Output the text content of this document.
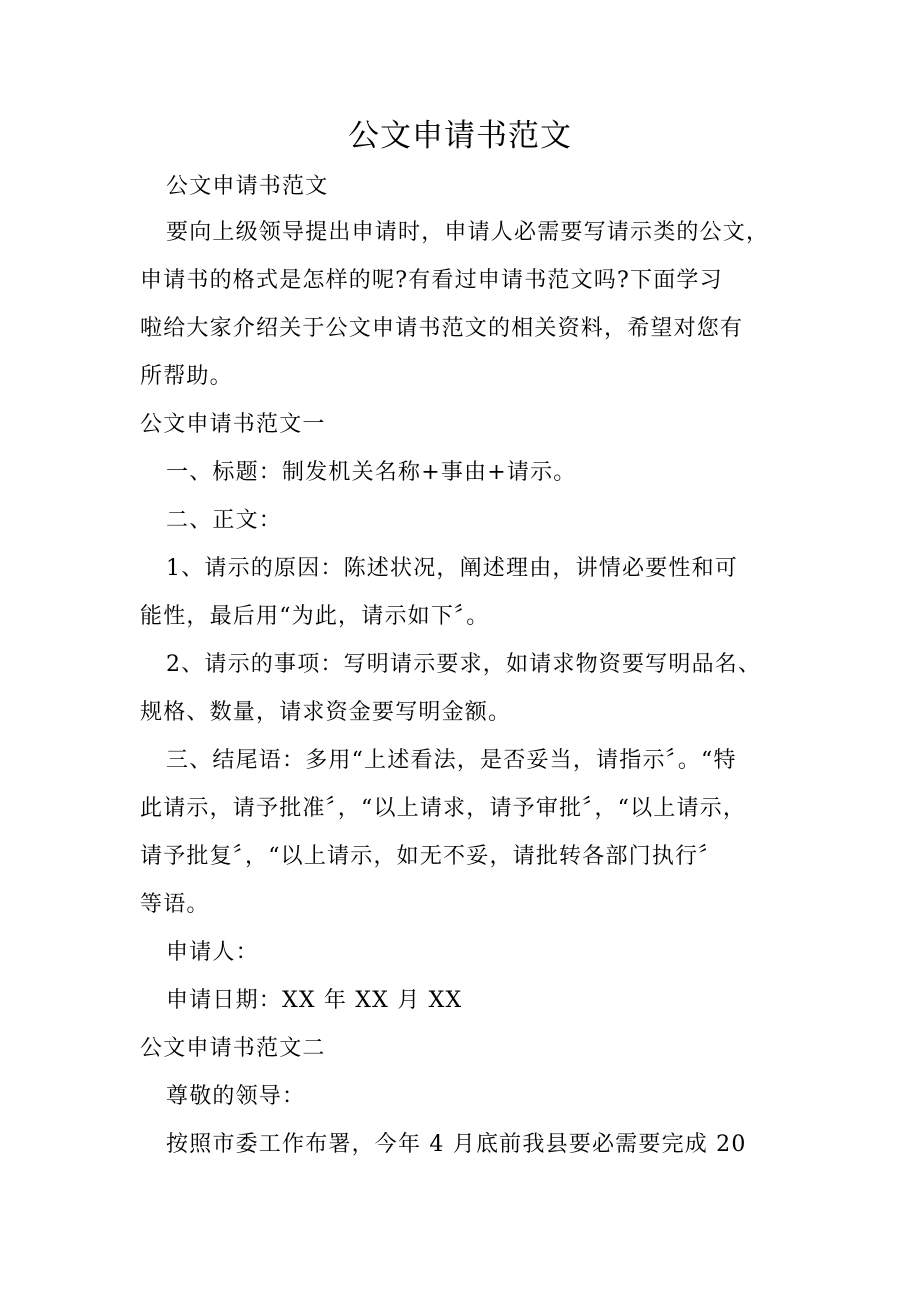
公文申请书范文
公文申请书范文
要向上级领导提出申请时，申请人必需要写请示类的公文，
申请书的格式是怎样的呢?有看过申请书范文吗?下面学习
啦给大家介绍关于公文申请书范文的相关资料，希望对您有
所帮助。
公文申请书范文一
一、标题：制发机关名称+事由+请示。
二、正文：
1、请示的原因：陈述状况，阐述理由，讲情必要性和可
能性，最后用“为此，请示如下〞。
2、请示的事项：写明请示要求，如请求物资要写明品名、
规格、数量，请求资金要写明金额。
三、结尾语：多用“上述看法，是否妥当，请指示〞。“特
此请示，请予批准〞，“以上请求，请予审批〞，“以上请示，
请予批复〞，“以上请示，如无不妥，请批转各部门执行〞
等语。
申请人：
申请日期：XX 年 XX 月 XX
公文申请书范文二
尊敬的领导：
按照市委工作布署，今年 4 月底前我县要必需要完成 20
